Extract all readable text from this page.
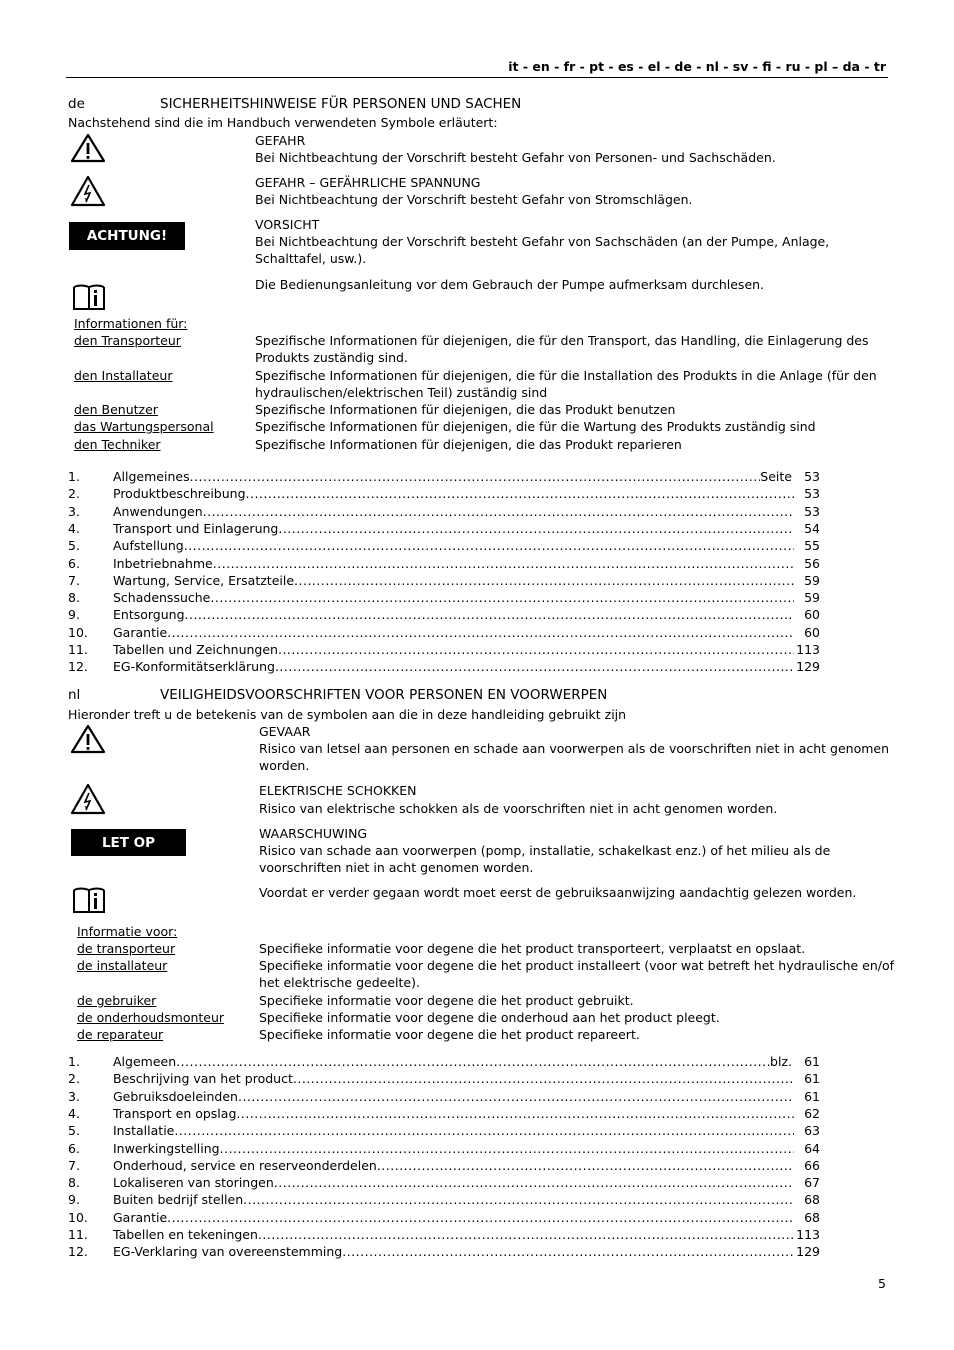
it - en - fr - pt - es - el - de - nl - sv - fi - ru - pl – da - tr
de	SICHERHEITSHINWEISE FÜR PERSONEN UND SACHEN
Nachstehend sind die im Handbuch verwendeten Symbole erläutert:
ACHTUNG!
GEFAHR
Bei Nichtbeachtung der Vorschrift besteht Gefahr von Personen- und Sachschäden.
GEFAHR – GEFÄHRLICHE SPANNUNG
Bei Nichtbeachtung der Vorschrift besteht Gefahr von Stromschlägen.
VORSICHT
Bei Nichtbeachtung der Vorschrift besteht Gefahr von Sachschäden (an der Pumpe, Anlage,
Schalttafel, usw.).
Die Bedienungsanleitung vor dem Gebrauch der Pumpe aufmerksam durchlesen.
Informationen für:
den Transporteur	Spezifische Informationen für diejenigen, die für den Transport, das Handling, die Einlagerung des
Produkts zuständig sind.
den Installateur	Spezifische Informationen für diejenigen, die für die Installation des Produkts in die Anlage (für den
hydraulischen/elektrischen Teil) zuständig sind
den Benutzer	Spezifische Informationen für diejenigen, die das Produkt benutzen
das Wartungspersonal	Spezifische Informationen für diejenigen, die für die Wartung des Produkts zuständig sind
den Techniker	Spezifische Informationen für diejenigen, die das Produkt reparieren
1.	Allgemeines .....	Seite 53
2.	Produktbeschreibung .....	53
3.	Anwendungen .....	53
4.	Transport und Einlagerung .....	54
5.	Aufstellung .....	55
6.	Inbetriebnahme .....	56
7.	Wartung, Service, Ersatzteile .....	59
8.	Schadenssuche .....	59
9.	Entsorgung .....	60
10. Garantie .....	60
11. Tabellen und Zeichnungen .....	113
12. EG-Konformitätserklärung .....	129
nl	VEILIGHEIDSVOORSCHRIFTEN VOOR PERSONEN EN VOORWERPEN
Hieronder treft u de betekenis van de symbolen aan die in deze handleiding gebruikt zijn
LET OP
GEVAAR
Risico van letsel aan personen en schade aan voorwerpen als de voorschriften niet in acht genomen
worden.
ELEKTRISCHE SCHOKKEN
Risico van elektrische schokken als de voorschriften niet in acht genomen worden.
WAARSCHUWING
Risico van schade aan voorwerpen (pomp, installatie, schakelkast enz.) of het milieu als de
voorschriften niet in acht genomen worden.
Voordat er verder gegaan wordt moet eerst de gebruiksaanwijzing aandachtig gelezen worden.
Informatie voor:
de transporteur	Specifieke informatie voor degene die het product transporteert, verplaatst en opslaat.
de installateur	Specifieke informatie voor degene die het product installeert (voor wat betreft het hydraulische en/of
het elektrische gedeelte).
de gebruiker	Specifieke informatie voor degene die het product gebruikt.
de onderhoudsmonteur	Specifieke informatie voor degene die onderhoud aan het product pleegt.
de reparateur	Specifieke informatie voor degene die het product repareert.
1.	Algemeen .....	blz. 61
2.	Beschrijving van het product .....	61
3.	Gebruiksdoeleinden .....	61
4.	Transport en opslag .....	62
5.	Installatie .....	63
6.	Inwerkingstelling .....	64
7.	Onderhoud, service en reserveonderdelen .....	66
8.	Lokaliseren van storingen .....	67
9.	Buiten bedrijf stellen .....	68
10. Garantie .....	68
11. Tabellen en tekeningen .....	113
12. EG-Verklaring van overeenstemming .....	129
5
